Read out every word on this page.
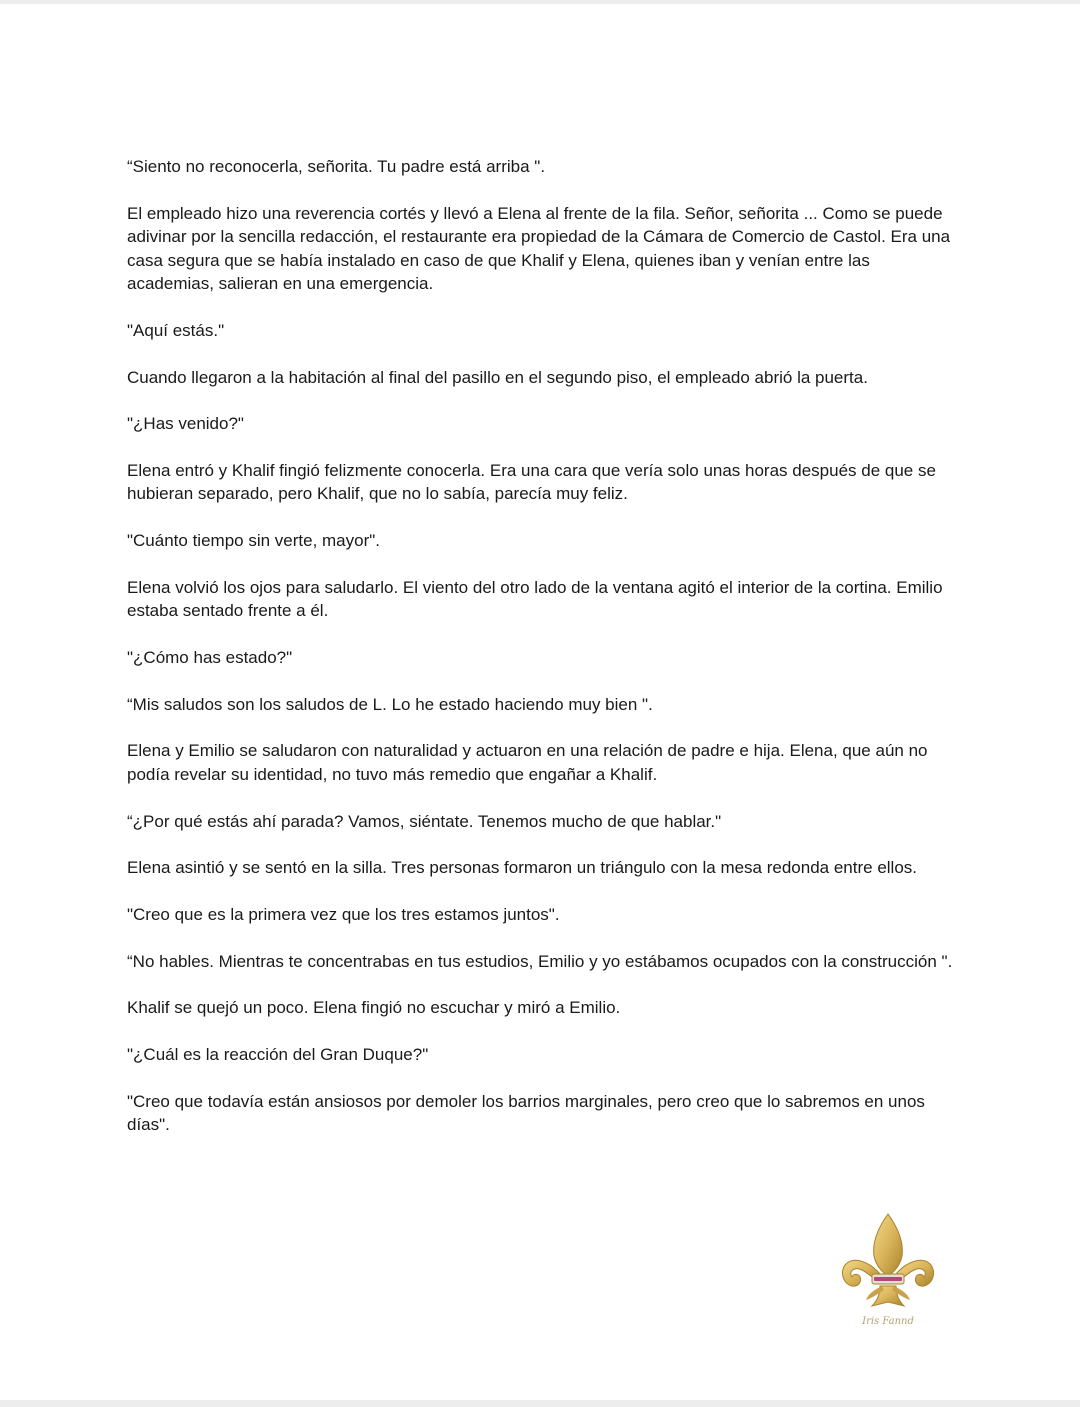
“Siento no reconocerla, señorita. Tu padre está arriba ".

El empleado hizo una reverencia cortés y llevó a Elena al frente de la fila. Señor, señorita ... Como se puede adivinar por la sencilla redacción, el restaurante era propiedad de la Cámara de Comercio de Castol. Era una casa segura que se había instalado en caso de que Khalif y Elena, quienes iban y venían entre las academias, salieran en una emergencia.

"Aquí estás."

Cuando llegaron a la habitación al final del pasillo en el segundo piso, el empleado abrió la puerta.

"¿Has venido?"

Elena entró y Khalif fingió felizmente conocerla. Era una cara que vería solo unas horas después de que se hubieran separado, pero Khalif, que no lo sabía, parecía muy feliz.

"Cuánto tiempo sin verte, mayor".

Elena volvió los ojos para saludarlo. El viento del otro lado de la ventana agitó el interior de la cortina. Emilio estaba sentado frente a él.

"¿Cómo has estado?"

“Mis saludos son los saludos de L. Lo he estado haciendo muy bien ".

Elena y Emilio se saludaron con naturalidad y actuaron en una relación de padre e hija. Elena, que aún no podía revelar su identidad, no tuvo más remedio que engañar a Khalif.

“¿Por qué estás ahí parada? Vamos, siéntate. Tenemos mucho de que hablar."

Elena asintió y se sentó en la silla. Tres personas formaron un triángulo con la mesa redonda entre ellos.

"Creo que es la primera vez que los tres estamos juntos".

“No hables. Mientras te concentrabas en tus estudios, Emilio y yo estábamos ocupados con la construcción ".

Khalif se quejó un poco. Elena fingió no escuchar y miró a Emilio.

"¿Cuál es la reacción del Gran Duque?"

"Creo que todavía están ansiosos por demoler los barrios marginales, pero creo que lo sabremos en unos días".

Iris Fannd
